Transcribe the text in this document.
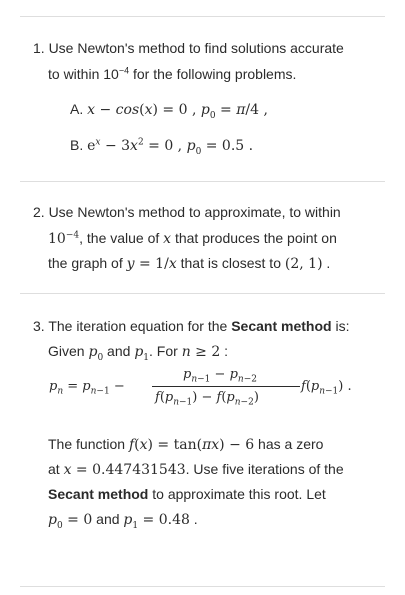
1. Use Newton's method to find solutions accurate
to within $10^{-4}$ for the following problems.
A. x − cos(x) = 0 , $p_0 = \pi/4$ ,
B. $e^x - 3x^2 = 0$ , $p_0 = 0.5$ .
2. Use Newton's method to approximate, to within
$10^{-4}$, the value of x that produces the point on
the graph of y = 1/x that is closest to (2, 1) .
3. The iteration equation for the Secant method is:
Given $p_0$ and $p_1$. For n ≥ 2 :
$p_n = p_{n-1}$ −
$p_{n-1} - p_{n-2}$
$f(p_{n-1}) - f(p_{n-2})$
$f(p_{n-1})$ .
The function f(x) = tan(πx) − 6 has a zero
at x = 0.447431543. Use five iterations of the
Secant method to approximate this root. Let
$p_0 = 0$ and $p_1 = 0.48$ .
